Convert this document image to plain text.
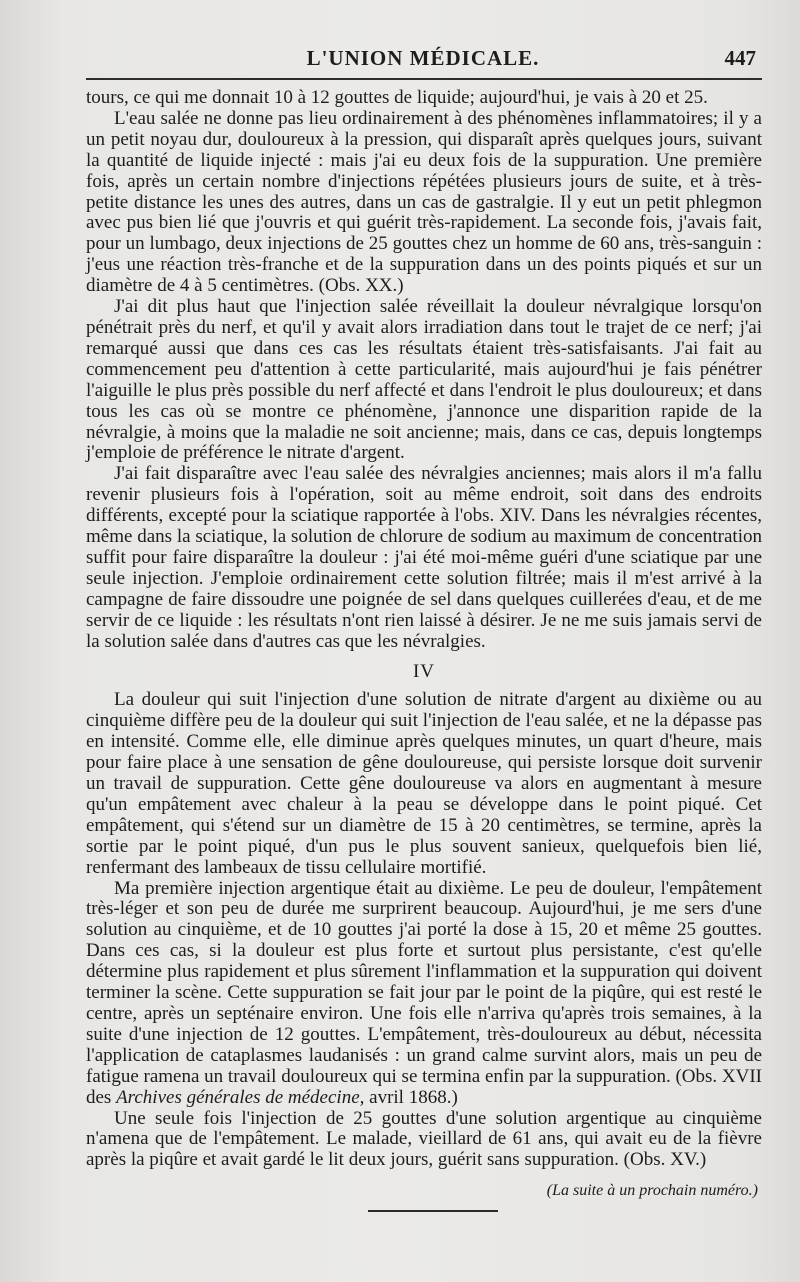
L'UNION MÉDICALE.	447

tours, ce qui me donnait 10 à 12 gouttes de liquide; aujourd'hui, je vais à 20 et 25.

L'eau salée ne donne pas lieu ordinairement à des phénomènes inflammatoires; il y a un petit noyau dur, douloureux à la pression, qui disparaît après quelques jours, suivant la quantité de liquide injecté : mais j'ai eu deux fois de la suppuration. Une première fois, après un certain nombre d'injections répétées plusieurs jours de suite, et à très-petite distance les unes des autres, dans un cas de gastralgie. Il y eut un petit phlegmon avec pus bien lié que j'ouvris et qui guérit très-rapidement. La seconde fois, j'avais fait, pour un lumbago, deux injections de 25 gouttes chez un homme de 60 ans, très-sanguin : j'eus une réaction très-franche et de la suppuration dans un des points piqués et sur un diamètre de 4 à 5 centimètres. (Obs. XX.)

J'ai dit plus haut que l'injection salée réveillait la douleur névralgique lorsqu'on pénétrait près du nerf, et qu'il y avait alors irradiation dans tout le trajet de ce nerf; j'ai remarqué aussi que dans ces cas les résultats étaient très-satisfaisants. J'ai fait au commencement peu d'attention à cette particularité, mais aujourd'hui je fais pénétrer l'aiguille le plus près possible du nerf affecté et dans l'endroit le plus douloureux; et dans tous les cas où se montre ce phénomène, j'annonce une disparition rapide de la névralgie, à moins que la maladie ne soit ancienne; mais, dans ce cas, depuis longtemps j'emploie de préférence le nitrate d'argent.

J'ai fait disparaître avec l'eau salée des névralgies anciennes; mais alors il m'a fallu revenir plusieurs fois à l'opération, soit au même endroit, soit dans des endroits différents, excepté pour la sciatique rapportée à l'obs. XIV. Dans les névralgies récentes, même dans la sciatique, la solution de chlorure de sodium au maximum de concentration suffit pour faire disparaître la douleur : j'ai été moi-même guéri d'une sciatique par une seule injection. J'emploie ordinairement cette solution filtrée; mais il m'est arrivé à la campagne de faire dissoudre une poignée de sel dans quelques cuillerées d'eau, et de me servir de ce liquide : les résultats n'ont rien laissé à désirer. Je ne me suis jamais servi de la solution salée dans d'autres cas que les névralgies.

IV

La douleur qui suit l'injection d'une solution de nitrate d'argent au dixième ou au cinquième diffère peu de la douleur qui suit l'injection de l'eau salée, et ne la dépasse pas en intensité. Comme elle, elle diminue après quelques minutes, un quart d'heure, mais pour faire place à une sensation de gêne douloureuse, qui persiste lorsque doit survenir un travail de suppuration. Cette gêne douloureuse va alors en augmentant à mesure qu'un empâtement avec chaleur à la peau se développe dans le point piqué. Cet empâtement, qui s'étend sur un diamètre de 15 à 20 centimètres, se termine, après la sortie par le point piqué, d'un pus le plus souvent sanieux, quelquefois bien lié, renfermant des lambeaux de tissu cellulaire mortifié.

Ma première injection argentique était au dixième. Le peu de douleur, l'empâtement très-léger et son peu de durée me surprirent beaucoup. Aujourd'hui, je me sers d'une solution au cinquième, et de 10 gouttes j'ai porté la dose à 15, 20 et même 25 gouttes. Dans ces cas, si la douleur est plus forte et surtout plus persistante, c'est qu'elle détermine plus rapidement et plus sûrement l'inflammation et la suppuration qui doivent terminer la scène. Cette suppuration se fait jour par le point de la piqûre, qui est resté le centre, après un septénaire environ. Une fois elle n'arriva qu'après trois semaines, à la suite d'une injection de 12 gouttes. L'empâtement, très-douloureux au début, nécessita l'application de cataplasmes laudanisés : un grand calme survint alors, mais un peu de fatigue ramena un travail douloureux qui se termina enfin par la suppuration. (Obs. XVII des Archives générales de médecine, avril 1868.)

Une seule fois l'injection de 25 gouttes d'une solution argentique au cinquième n'amena que de l'empâtement. Le malade, vieillard de 61 ans, qui avait eu de la fièvre après la piqûre et avait gardé le lit deux jours, guérit sans suppuration. (Obs. XV.)

(La suite à un prochain numéro.)
